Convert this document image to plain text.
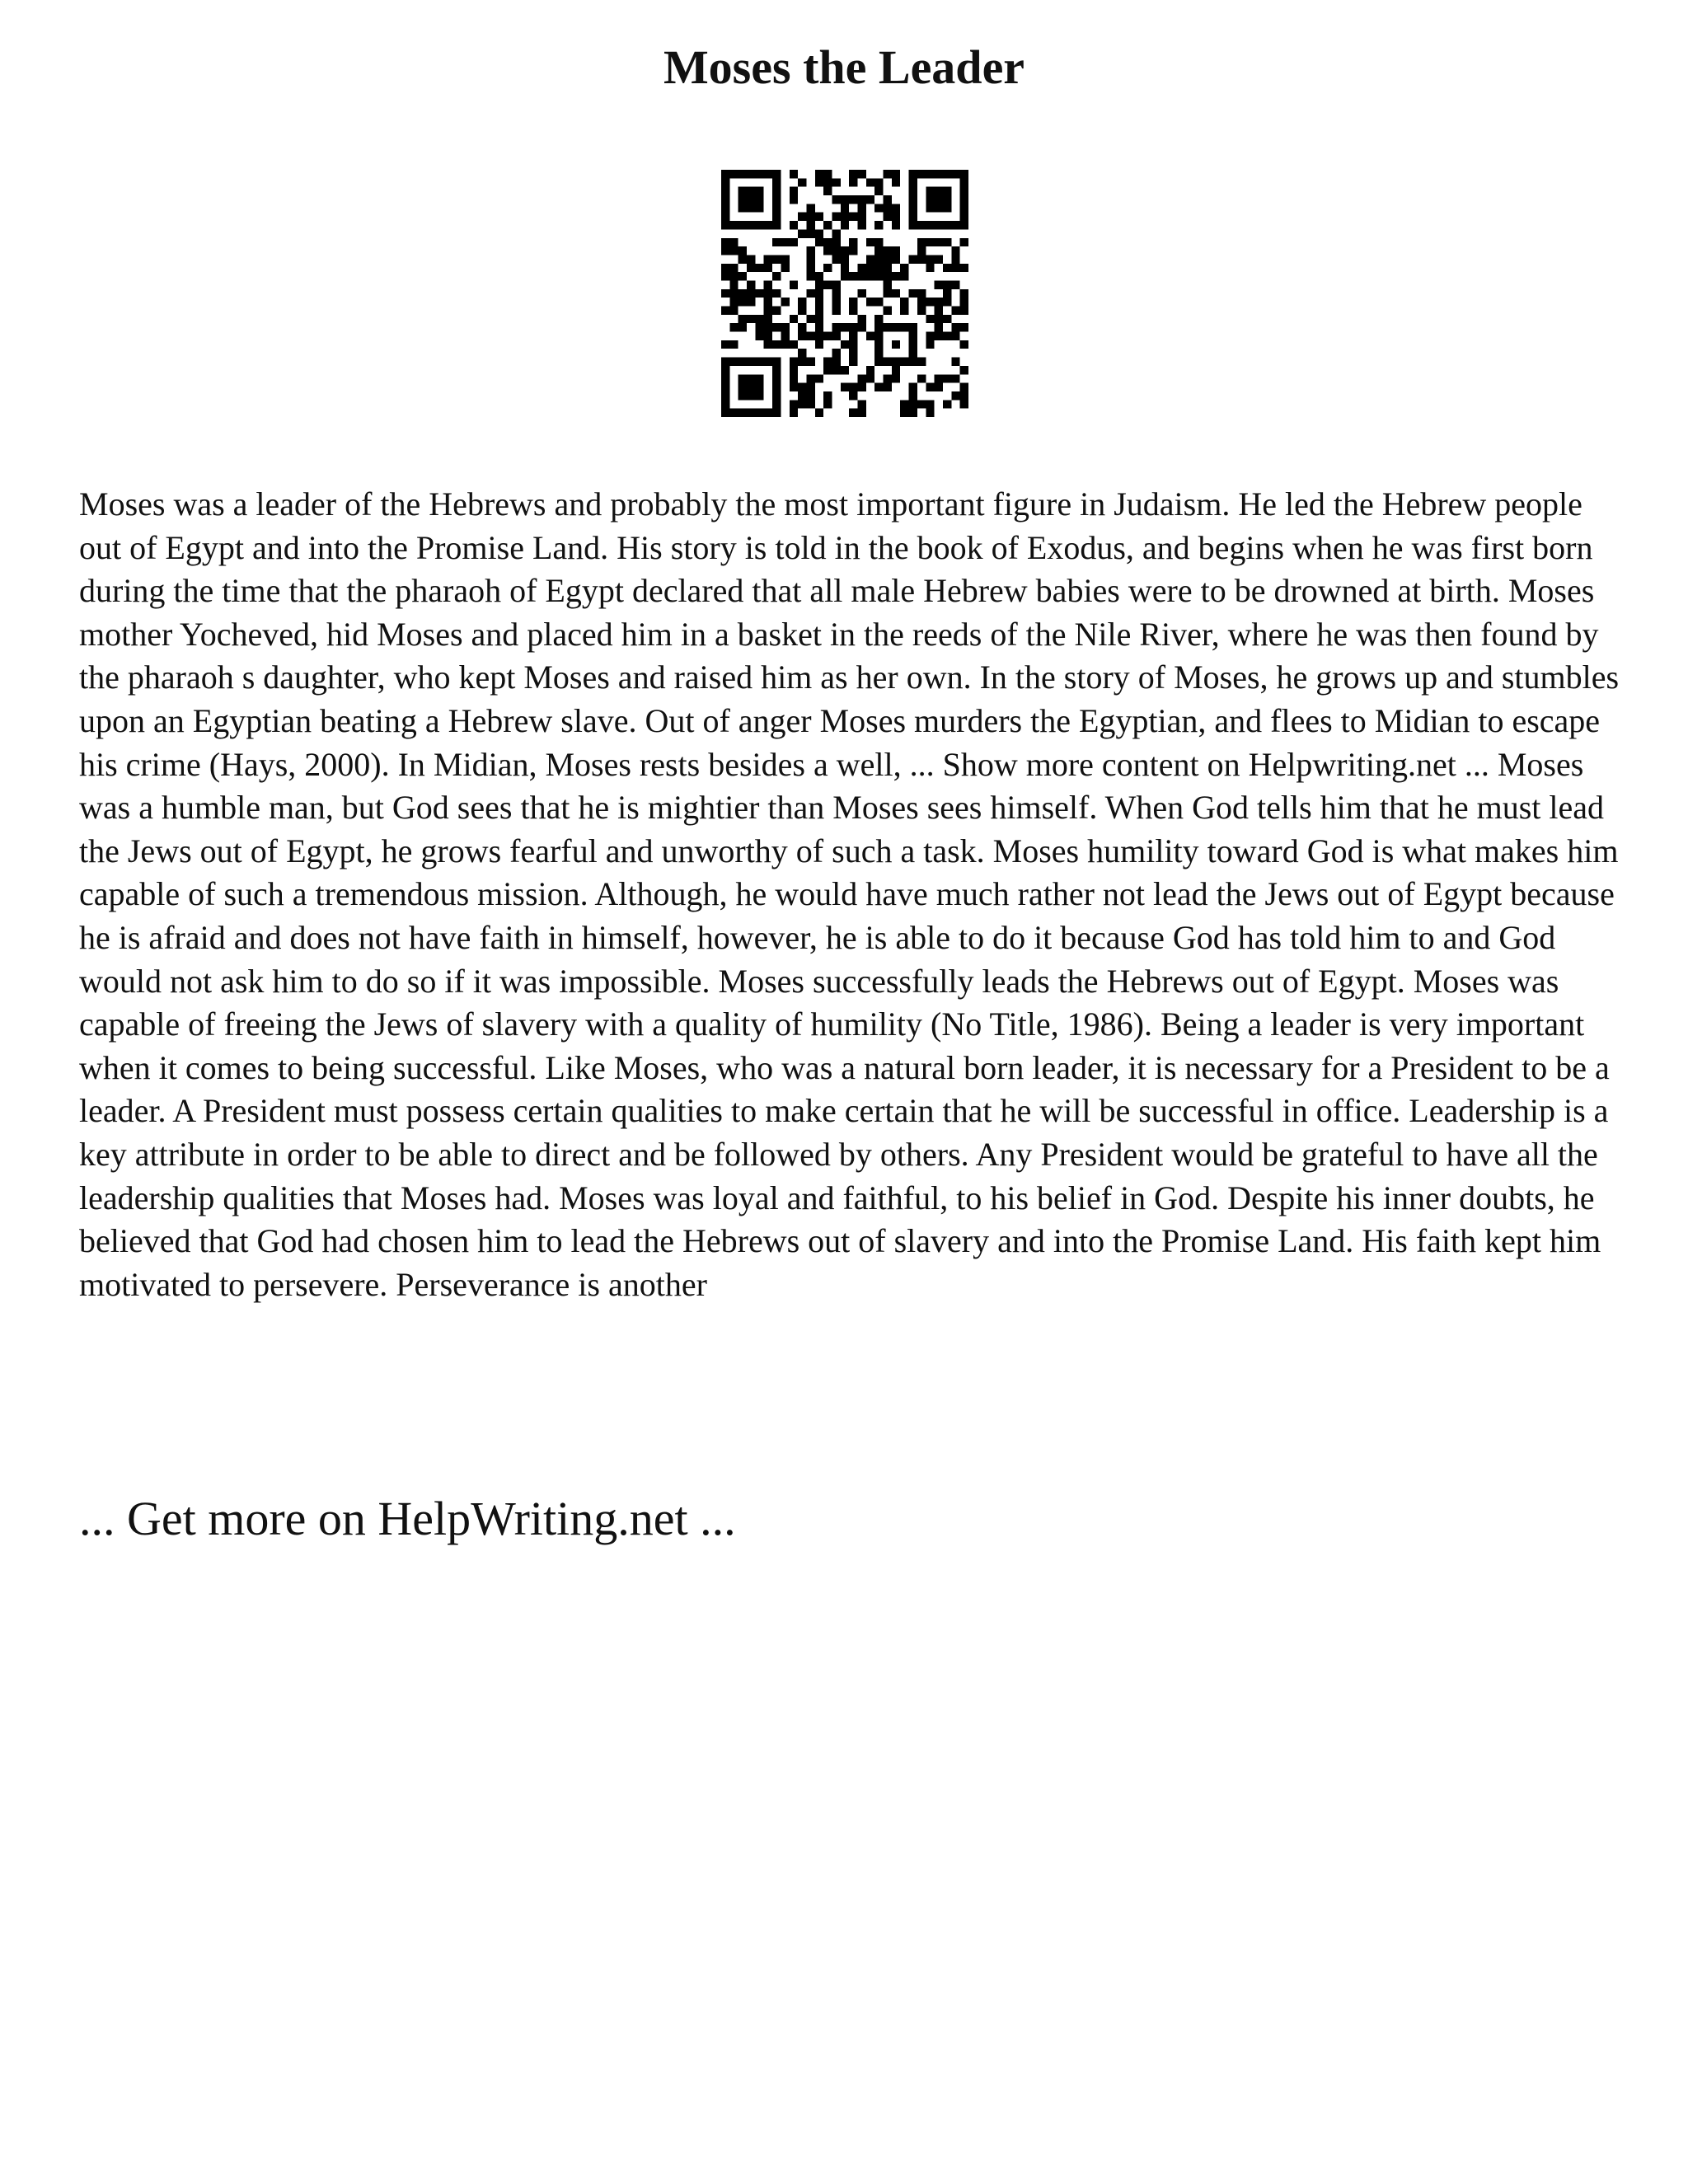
Moses the Leader

Moses was a leader of the Hebrews and probably the most important figure in Judaism. He led the Hebrew people out of Egypt and into the Promise Land. His story is told in the book of Exodus, and begins when he was first born during the time that the pharaoh of Egypt declared that all male Hebrew babies were to be drowned at birth. Moses mother Yocheved, hid Moses and placed him in a basket in the reeds of the Nile River, where he was then found by the pharaoh s daughter, who kept Moses and raised him as her own. In the story of Moses, he grows up and stumbles upon an Egyptian beating a Hebrew slave. Out of anger Moses murders the Egyptian, and flees to Midian to escape his crime (Hays, 2000). In Midian, Moses rests besides a well, ... Show more content on Helpwriting.net ... Moses was a humble man, but God sees that he is mightier than Moses sees himself. When God tells him that he must lead the Jews out of Egypt, he grows fearful and unworthy of such a task. Moses humility toward God is what makes him capable of such a tremendous mission. Although, he would have much rather not lead the Jews out of Egypt because he is afraid and does not have faith in himself, however, he is able to do it because God has told him to and God would not ask him to do so if it was impossible. Moses successfully leads the Hebrews out of Egypt. Moses was capable of freeing the Jews of slavery with a quality of humility (No Title, 1986). Being a leader is very important when it comes to being successful. Like Moses, who was a natural born leader, it is necessary for a President to be a leader. A President must possess certain qualities to make certain that he will be successful in office. Leadership is a key attribute in order to be able to direct and be followed by others. Any President would be grateful to have all the leadership qualities that Moses had. Moses was loyal and faithful, to his belief in God. Despite his inner doubts, he believed that God had chosen him to lead the Hebrews out of slavery and into the Promise Land. His faith kept him motivated to persevere. Perseverance is another

... Get more on HelpWriting.net ...
